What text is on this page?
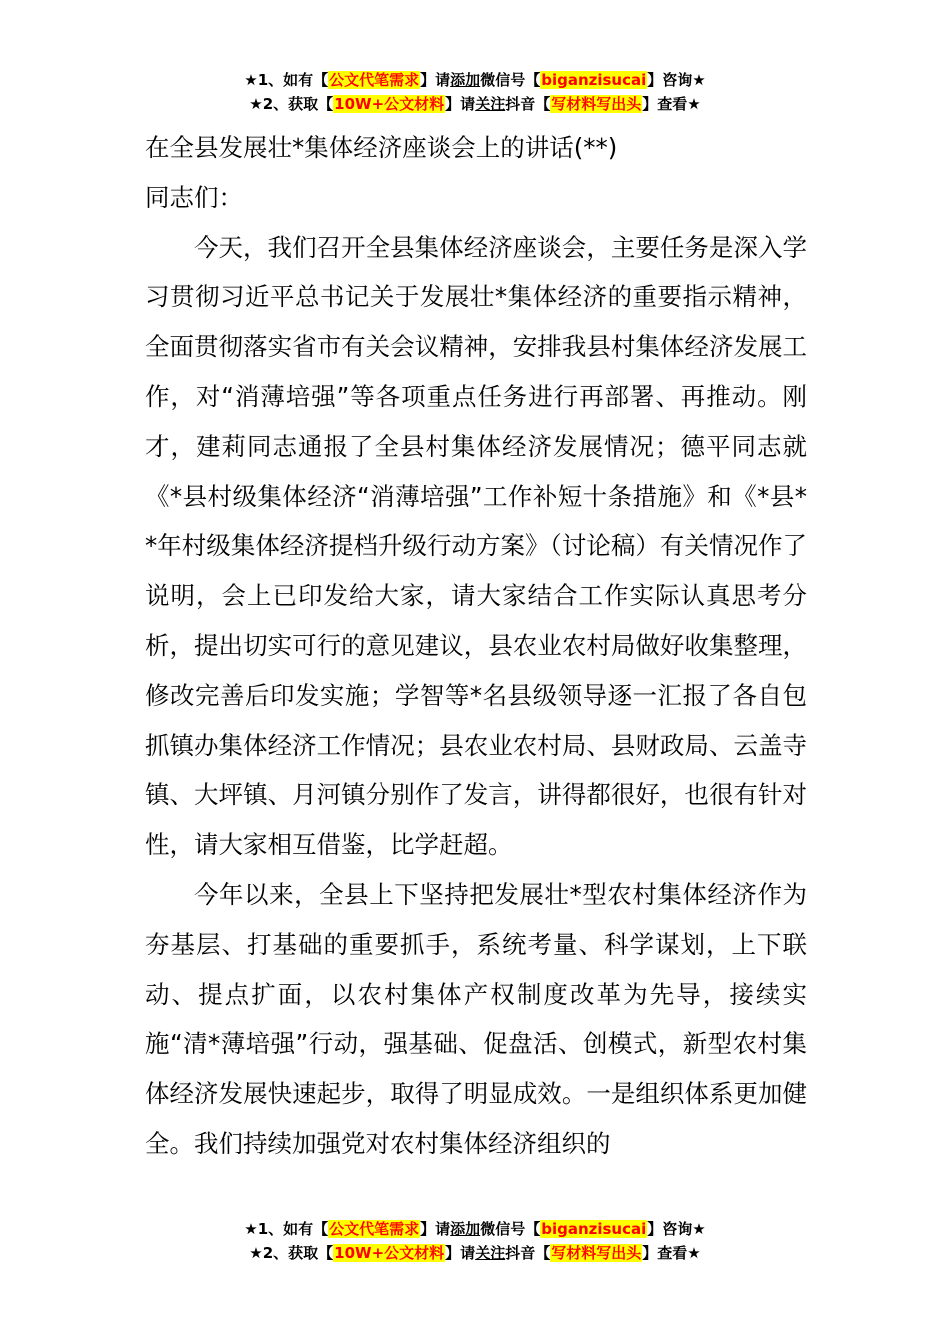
★1、如有【公文代笔需求】请添加微信号【biganzisucai】咨询★
★2、获取【10W+公文材料】请关注抖音【写材料写出头】查看★

在全县发展壮*集体经济座谈会上的讲话(**)

同志们：

今天，我们召开全县集体经济座谈会，主要任务是深入学习贯彻习近平总书记关于发展壮*集体经济的重要指示精神，全面贯彻落实省市有关会议精神，安排我县村集体经济发展工作，对“消薄培强”等各项重点任务进行再部署、再推动。刚才，建莉同志通报了全县村集体经济发展情况；德平同志就《*县村级集体经济“消薄培强”工作补短十条措施》和《*县**年村级集体经济提档升级行动方案》（讨论稿）有关情况作了说明，会上已印发给大家，请大家结合工作实际认真思考分析，提出切实可行的意见建议，县农业农村局做好收集整理，修改完善后印发实施；学智等*名县级领导逐一汇报了各自包抓镇办集体经济工作情况；县农业农村局、县财政局、云盖寺镇、大坪镇、月河镇分别作了发言，讲得都很好，也很有针对性，请大家相互借鉴，比学赶超。

今年以来，全县上下坚持把发展壮*型农村集体经济作为夯基层、打基础的重要抓手，系统考量、科学谋划，上下联动、提点扩面，以农村集体产权制度改革为先导，接续实施“清*薄培强”行动，强基础、促盘活、创模式，新型农村集体经济发展快速起步，取得了明显成效。一是组织体系更加健全。我们持续加强党对农村集体经济组织的

★1、如有【公文代笔需求】请添加微信号【biganzisucai】咨询★
★2、获取【10W+公文材料】请关注抖音【写材料写出头】查看★
